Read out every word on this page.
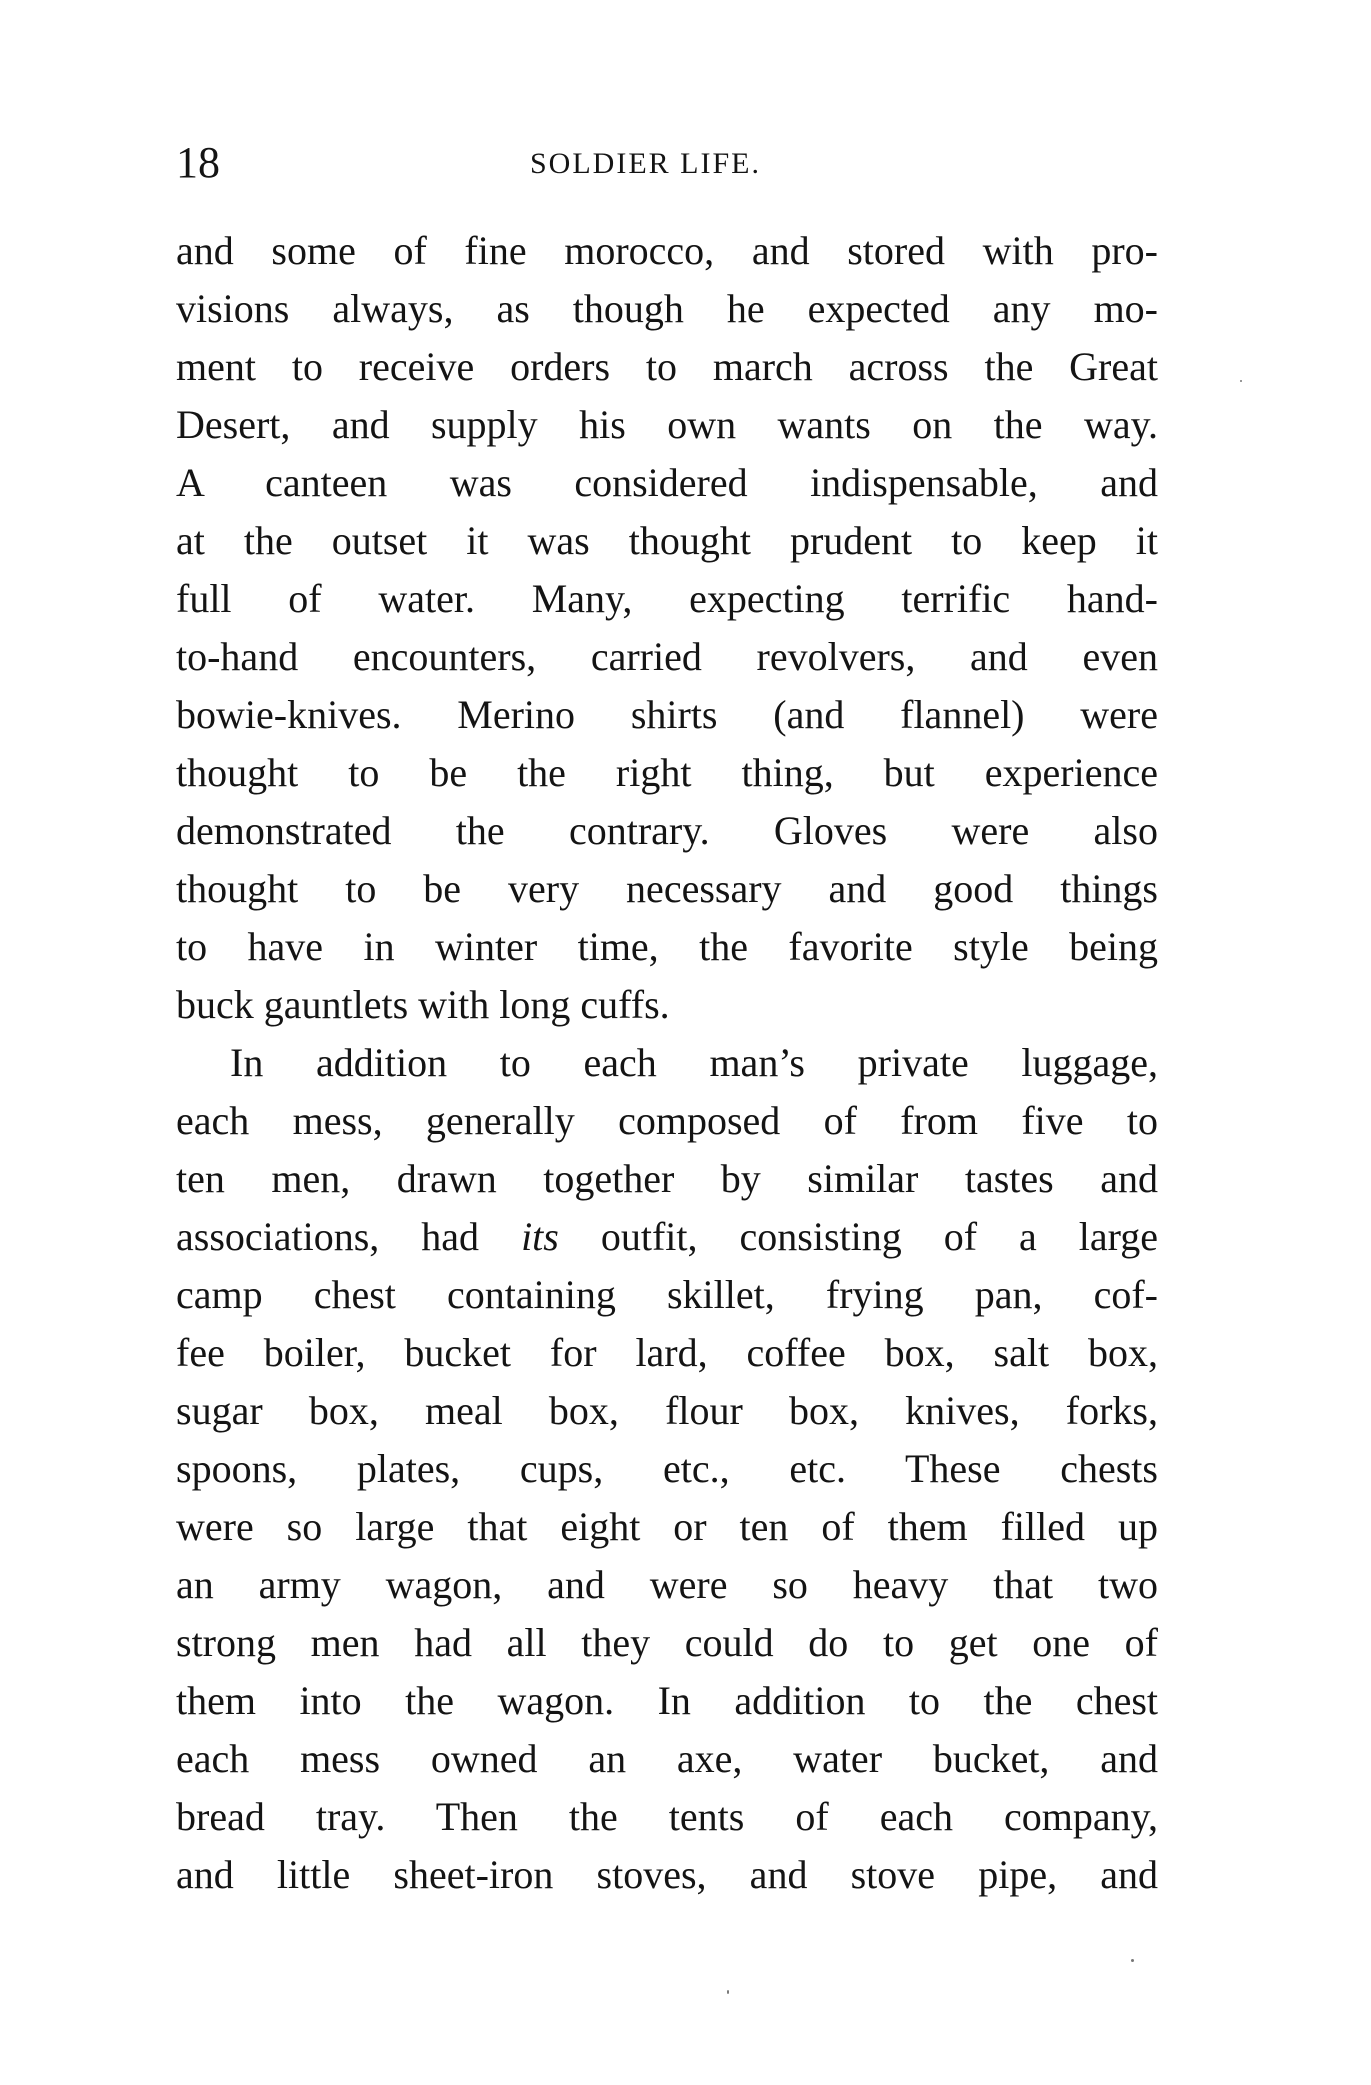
18	SOLDIER LIFE.
and some of fine morocco, and stored with pro-
visions always, as though he expected any mo-
ment to receive orders to march across the Great
Desert, and supply his own wants on the way.
A canteen was considered indispensable, and
at the outset it was thought prudent to keep it
full of water. Many, expecting terrific hand-
to-hand encounters, carried revolvers, and even
bowie-knives. Merino shirts (and flannel) were
thought to be the right thing, but experience
demonstrated the contrary. Gloves were also
thought to be very necessary and good things
to have in winter time, the favorite style being
buck gauntlets with long cuffs.
In addition to each man’s private luggage,
each mess, generally composed of from five to
ten men, drawn together by similar tastes and
associations, had its outfit, consisting of a large
camp chest containing skillet, frying pan, cof-
fee boiler, bucket for lard, coffee box, salt box,
sugar box, meal box, flour box, knives, forks,
spoons, plates, cups, etc., etc. These chests
were so large that eight or ten of them filled up
an army wagon, and were so heavy that two
strong men had all they could do to get one of
them into the wagon. In addition to the chest
each mess owned an axe, water bucket, and
bread tray. Then the tents of each company,
and little sheet-iron stoves, and stove pipe, and
